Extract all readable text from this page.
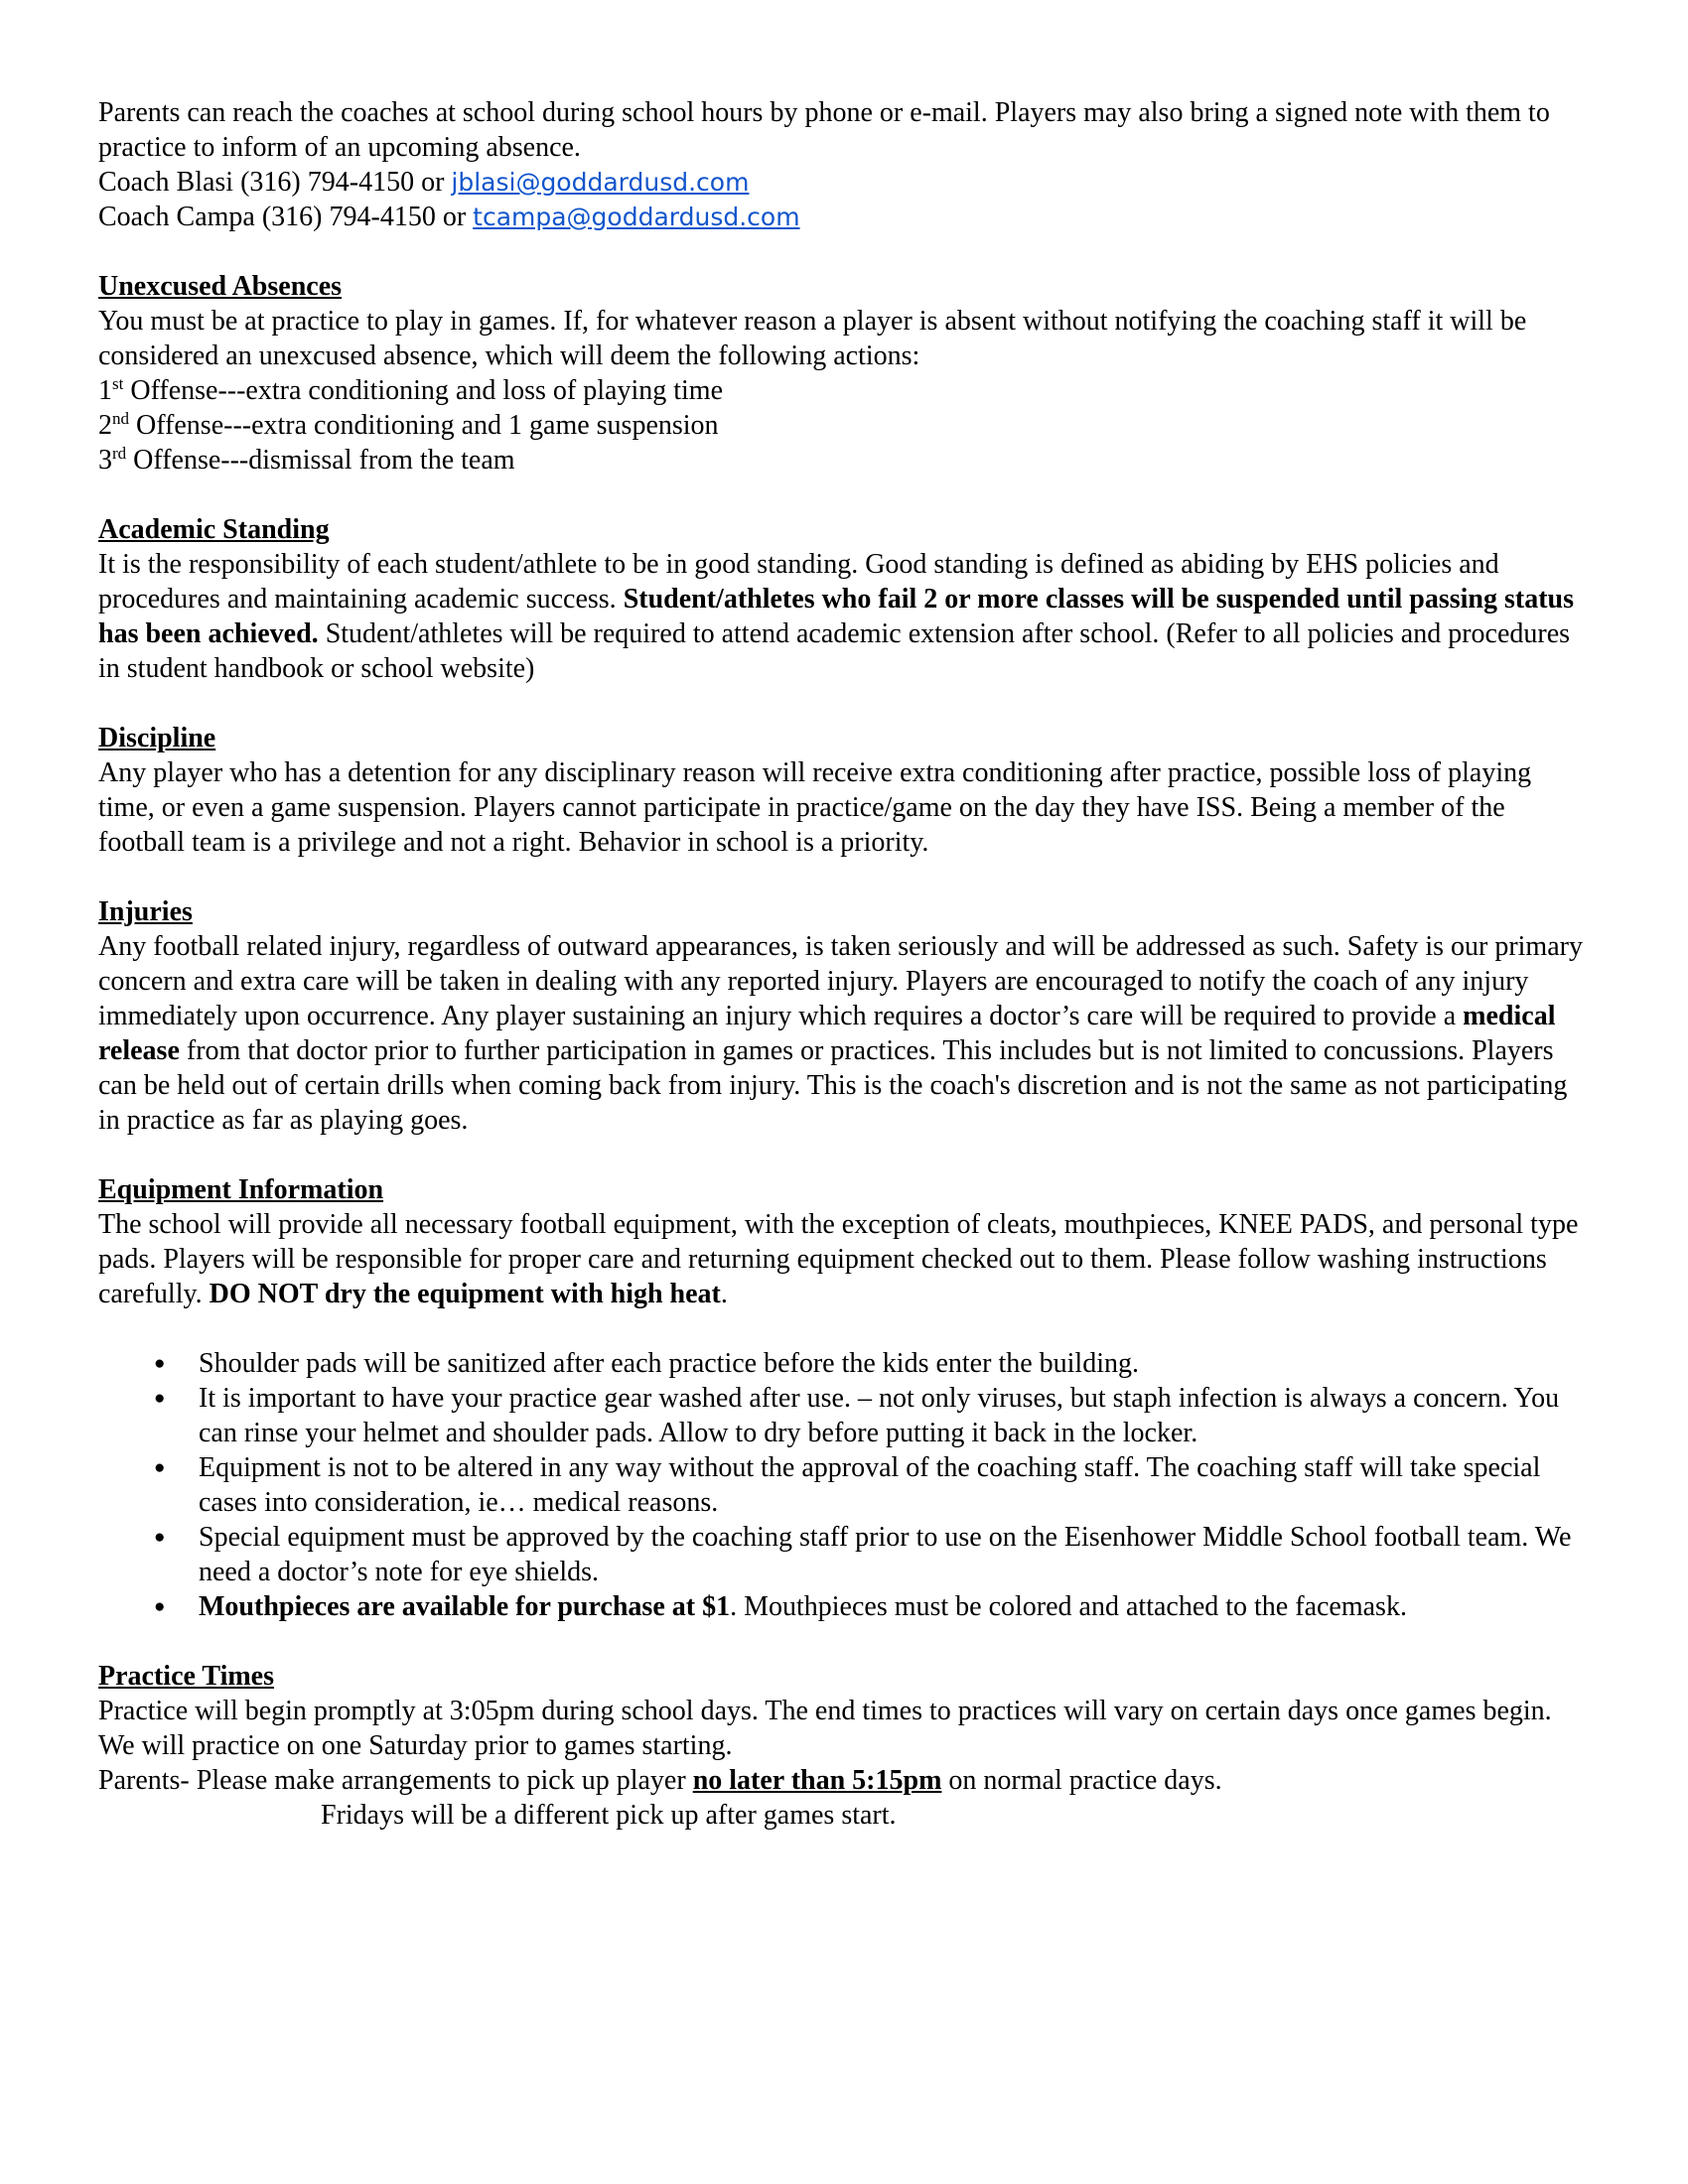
Parents can reach the coaches at school during school hours by phone or e-mail. Players may also bring a signed note with them to practice to inform of an upcoming absence.
Coach Blasi (316) 794-4150 or jblasi@goddardusd.com
Coach Campa (316) 794-4150 or tcampa@goddardusd.com
Unexcused Absences
You must be at practice to play in games. If, for whatever reason a player is absent without notifying the coaching staff it will be considered an unexcused absence, which will deem the following actions:
1st Offense---extra conditioning and loss of playing time
2nd Offense---extra conditioning and 1 game suspension
3rd Offense---dismissal from the team
Academic Standing
It is the responsibility of each student/athlete to be in good standing. Good standing is defined as abiding by EHS policies and procedures and maintaining academic success. Student/athletes who fail 2 or more classes will be suspended until passing status has been achieved. Student/athletes will be required to attend academic extension after school. (Refer to all policies and procedures in student handbook or school website)
Discipline
Any player who has a detention for any disciplinary reason will receive extra conditioning after practice, possible loss of playing time, or even a game suspension. Players cannot participate in practice/game on the day they have ISS. Being a member of the football team is a privilege and not a right. Behavior in school is a priority.
Injuries
Any football related injury, regardless of outward appearances, is taken seriously and will be addressed as such. Safety is our primary concern and extra care will be taken in dealing with any reported injury. Players are encouraged to notify the coach of any injury immediately upon occurrence. Any player sustaining an injury which requires a doctor’s care will be required to provide a medical release from that doctor prior to further participation in games or practices. This includes but is not limited to concussions. Players can be held out of certain drills when coming back from injury. This is the coach's discretion and is not the same as not participating in practice as far as playing goes.
Equipment Information
The school will provide all necessary football equipment, with the exception of cleats, mouthpieces, KNEE PADS, and personal type pads. Players will be responsible for proper care and returning equipment checked out to them. Please follow washing instructions carefully. DO NOT dry the equipment with high heat.
● Shoulder pads will be sanitized after each practice before the kids enter the building.
● It is important to have your practice gear washed after use. – not only viruses, but staph infection is always a concern. You can rinse your helmet and shoulder pads. Allow to dry before putting it back in the locker.
● Equipment is not to be altered in any way without the approval of the coaching staff. The coaching staff will take special cases into consideration, ie… medical reasons.
● Special equipment must be approved by the coaching staff prior to use on the Eisenhower Middle School football team. We need a doctor’s note for eye shields.
● Mouthpieces are available for purchase at $1. Mouthpieces must be colored and attached to the facemask.
Practice Times
Practice will begin promptly at 3:05pm during school days. The end times to practices will vary on certain days once games begin. We will practice on one Saturday prior to games starting.
Parents- Please make arrangements to pick up player no later than 5:15pm on normal practice days.
Fridays will be a different pick up after games start.
